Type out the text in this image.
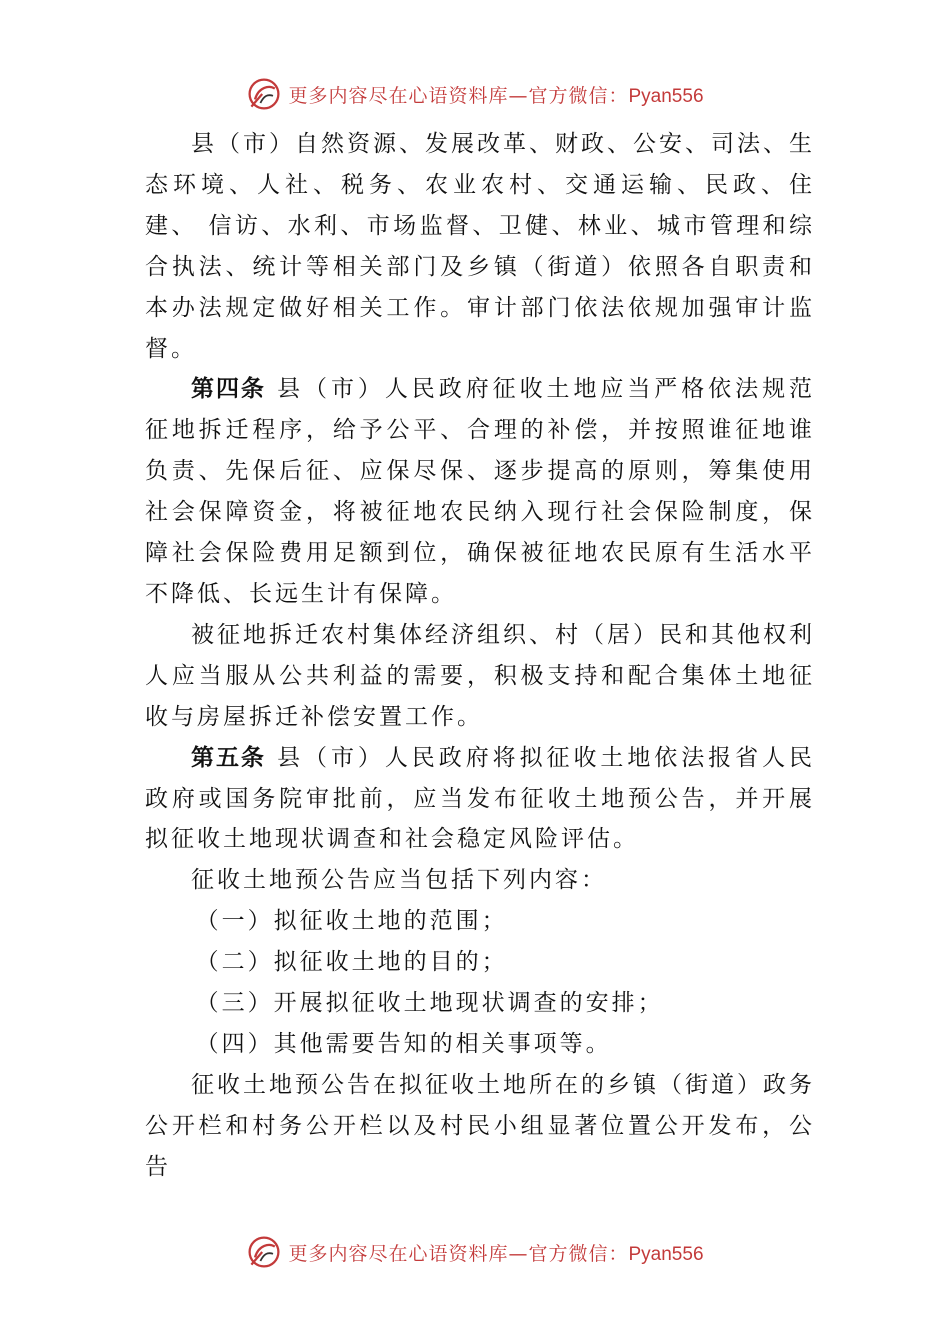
更多内容尽在心语资料库—官方微信：Pyan556

县（市）自然资源、发展改革、财政、公安、司法、生态环境、人社、税务、农业农村、交通运输、民政、住建、 信访、水利、市场监督、卫健、林业、城市管理和综合执法、统计等相关部门及乡镇（街道）依照各自职责和本办法规定做好相关工作。审计部门依法依规加强审计监督。

第四条 县（市）人民政府征收土地应当严格依法规范征地拆迁程序，给予公平、合理的补偿，并按照谁征地谁负责、先保后征、应保尽保、逐步提高的原则，筹集使用社会保障资金，将被征地农民纳入现行社会保险制度，保障社会保险费用足额到位，确保被征地农民原有生活水平不降低、长远生计有保障。

被征地拆迁农村集体经济组织、村（居）民和其他权利人应当服从公共利益的需要，积极支持和配合集体土地征收与房屋拆迁补偿安置工作。

第五条 县（市）人民政府将拟征收土地依法报省人民政府或国务院审批前，应当发布征收土地预公告，并开展拟征收土地现状调查和社会稳定风险评估。

征收土地预公告应当包括下列内容：

（一）拟征收土地的范围；

（二）拟征收土地的目的；

（三）开展拟征收土地现状调查的安排；

（四）其他需要告知的相关事项等。

征收土地预公告在拟征收土地所在的乡镇（街道）政务公开栏和村务公开栏以及村民小组显著位置公开发布，公告

更多内容尽在心语资料库—官方微信：Pyan556
